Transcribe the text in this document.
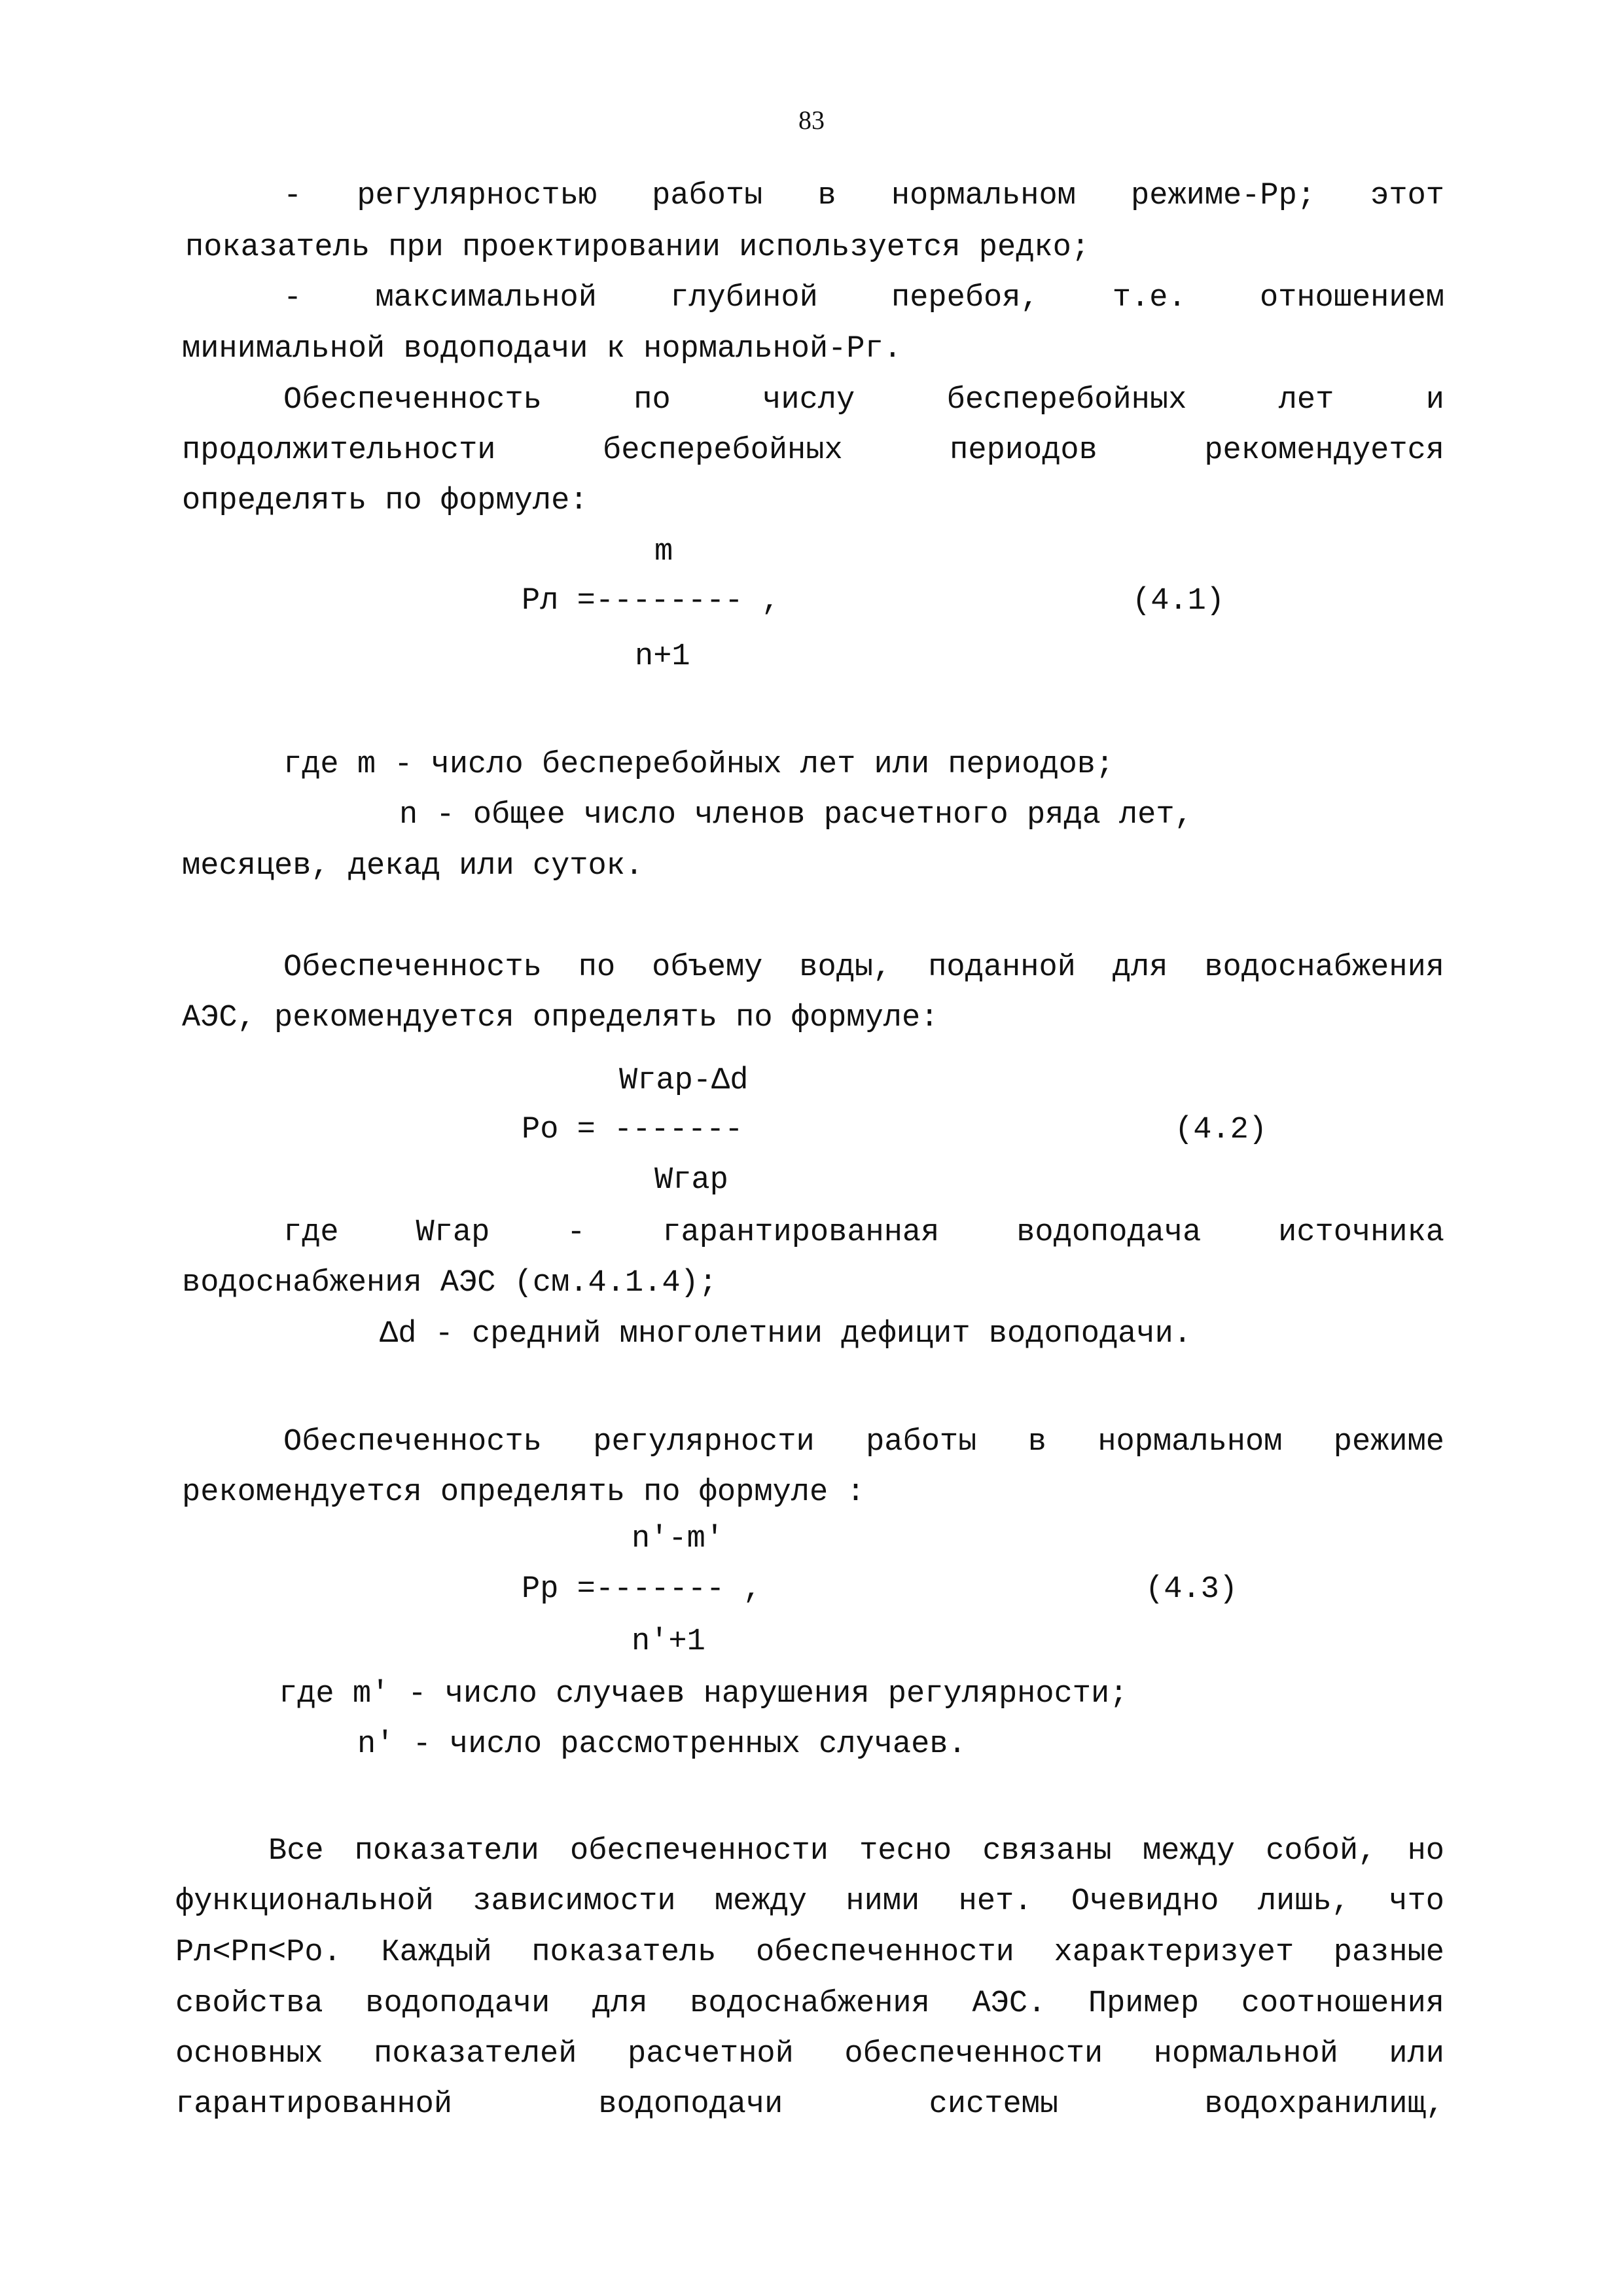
83
- регулярностью работы в нормальном режиме-Pp; этот
показатель при проектировании используется редко;
- максимальной глубиной перебоя, т.е. отношением
минимальной водоподачи к нормальной-Pг.
Обеспеченность по числу бесперебойных лет и
продолжительности бесперебойных периодов рекомендуется
определять по формуле:
m
Pл =-------- ,	(4.1)
n+1
где m - число бесперебойных лет или периодов;
n - общее число членов расчетного ряда лет,
месяцев, декад или суток.
Обеспеченность по объему воды, поданной для водоснабжения
АЭС, рекомендуется определять по формуле:
Wгар-Δd
Po = -------	(4.2)
Wгар
где Wгар - гарантированная водоподача источника
водоснабжения АЭС (см.4.1.4);
Δd - средний многолетнии дефицит водоподачи.
Обеспеченность регулярности работы в нормальном режиме
рекомендуется определять по формуле :
n'-m'
Pp =------- ,	(4.3)
n'+1
где m' - число случаев нарушения регулярности;
n' - число рассмотренных случаев.
Все показатели обеспеченности тесно связаны между собой, но
функциональной зависимости между ними нет. Очевидно лишь, что
Pл<Pп<Po. Каждый показатель обеспеченности характеризует разные
свойства водоподачи для водоснабжения АЭС. Пример соотношения
основных показателей расчетной обеспеченности нормальной или
гарантированной водоподачи системы водохранилищ,
